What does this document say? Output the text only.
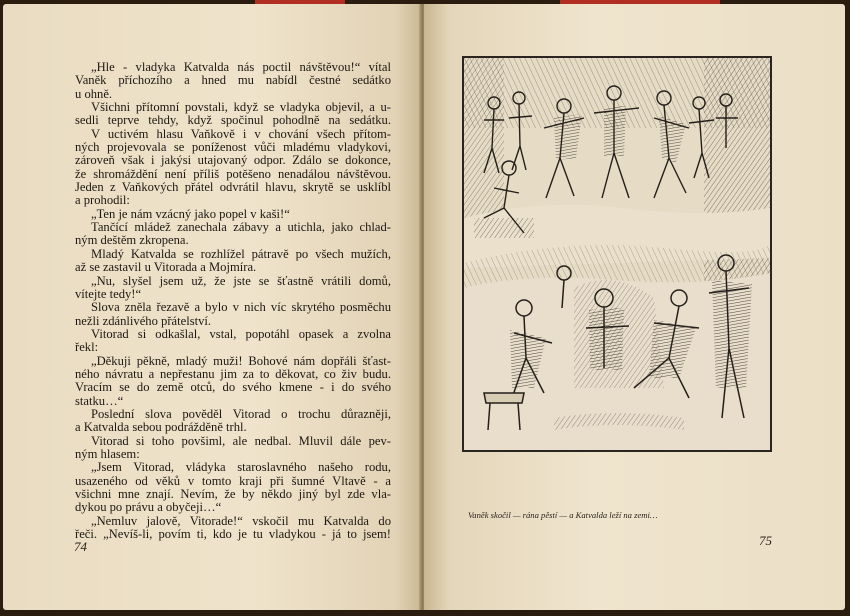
„Hle - vladyka Katvalda nás poctil návštěvou!“ vítal
Vaněk příchozího a hned mu nabídl čestné sedátko
u ohně.
Všichni přítomní povstali, když se vladyka objevil, a u-
sedli teprve tehdy, když spočinul pohodlně na sedátku.
V uctivém hlasu Vaňkově i v chování všech přítom-
ných projevovala se poníženost vůči mladému vladykovi,
zároveň však i jakýsi utajovaný odpor. Zdálo se dokonce,
že shromáždění není příliš potěšeno nenadálou návštěvou.
Jeden z Vaňkových přátel odvrátil hlavu, skrytě se usklíbl
a prohodil:
„Ten je nám vzácný jako popel v kaši!“
Tančící mládež zanechala zábavy a utichla, jako chlad-
ným deštěm zkropena.
Mladý Katvalda se rozhlížel pátravě po všech mužích,
až se zastavil u Vitorada a Mojmíra.
„Nu, slyšel jsem už, že jste se šťastně vrátili domů,
vítejte tedy!“
Slova zněla řezavě a bylo v nich víc skrytého posměchu
nežli zdánlivého přátelství.
Vitorad si odkašlal, vstal, popotáhl opasek a zvolna
řekl:
„Děkuji pěkně, mladý muži! Bohové nám dopřáli šťast-
ného návratu a nepřestanu jim za to děkovat, co živ budu.
Vracím se do země otců, do svého kmene - i do svého
statku…“
Poslední slova pověděl Vitorad o trochu důrazněji,
a Katvalda sebou podrážděně trhl.
Vitorad si toho povšiml, ale nedbal. Mluvil dále pev-
ným hlasem:
„Jsem Vitorad, vládyka staroslavného našeho rodu,
usazeného od věků v tomto kraji při šumné Vltavě - a
všichni mne znají. Nevím, že by někdo jiný byl zde vla-
dykou po právu a obyčeji…“
„Nemluv jalově, Vitorade!“ vskočil mu Katvalda do
řeči. „Nevíš-li, povím ti, kdo je tu vladykou - já to jsem!
74
Vaněk skočil — rána pěstí — a Katvalda leží na zemi…
75
